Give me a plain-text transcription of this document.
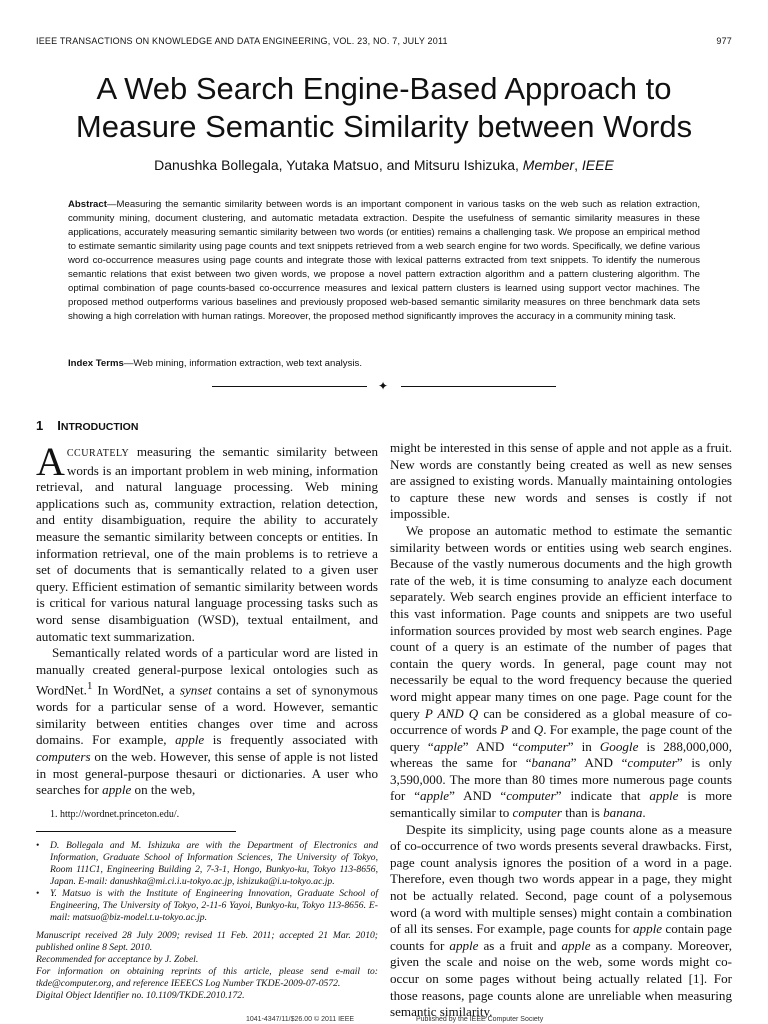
IEEE TRANSACTIONS ON KNOWLEDGE AND DATA ENGINEERING, VOL. 23, NO. 7, JULY 2011	977
A Web Search Engine-Based Approach to
Measure Semantic Similarity between Words
Danushka Bollegala, Yutaka Matsuo, and Mitsuru Ishizuka, Member, IEEE
Abstract—Measuring the semantic similarity between words is an important component in various tasks on the web such as relation extraction, community mining, document clustering, and automatic metadata extraction. Despite the usefulness of semantic similarity measures in these applications, accurately measuring semantic similarity between two words (or entities) remains a challenging task. We propose an empirical method to estimate semantic similarity using page counts and text snippets retrieved from a web search engine for two words. Specifically, we define various word co-occurrence measures using page counts and integrate those with lexical patterns extracted from text snippets. To identify the numerous semantic relations that exist between two given words, we propose a novel pattern extraction algorithm and a pattern clustering algorithm. The optimal combination of page counts-based co-occurrence measures and lexical pattern clusters is learned using support vector machines. The proposed method outperforms various baselines and previously proposed web-based semantic similarity measures on three benchmark data sets showing a high correlation with human ratings. Moreover, the proposed method significantly improves the accuracy in a community mining task.
Index Terms—Web mining, information extraction, web text analysis.
✦
1 INTRODUCTION

ACCURATELY measuring the semantic similarity between words is an important problem in web mining, information retrieval, and natural language processing. Web mining applications such as, community extraction, relation detection, and entity disambiguation, require the ability to accurately measure the semantic similarity between concepts or entities. In information retrieval, one of the main problems is to retrieve a set of documents that is semantically related to a given user query. Efficient estimation of semantic similarity between words is critical for various natural language processing tasks such as word sense disambiguation (WSD), textual entailment, and automatic text summarization.

Semantically related words of a particular word are listed in manually created general-purpose lexical ontologies such as WordNet.$^1$ In WordNet, a synset contains a set of synonymous words for a particular sense of a word. However, semantic similarity between entities changes over time and across domains. For example, apple is frequently associated with computers on the web. However, this sense of apple is not listed in most general-purpose thesauri or dictionaries. A user who searches for apple on the web,

1. http://wordnet.princeton.edu/.

• D. Bollegala and M. Ishizuka are with the Department of Electronics and Information, Graduate School of Information Sciences, The University of Tokyo, Room 111C1, Engineering Building 2, 7-3-1, Hongo, Bunkyo-ku, Tokyo 113-8656, Japan. E-mail: danushka@mi.ci.i.u-tokyo.ac.jp, ishizuka@i.u-tokyo.ac.jp.

• Y. Matsuo is with the Institute of Engineering Innovation, Graduate School of Engineering, The University of Tokyo, 2-11-6 Yayoi, Bunkyo-ku, Tokyo 113-8656. E-mail: matsuo@biz-model.t.u-tokyo.ac.jp.

Manuscript received 28 July 2009; revised 11 Feb. 2011; accepted 21 Mar. 2010; published online 8 Sept. 2010.

Recommended for acceptance by J. Zobel.

For information on obtaining reprints of this article, please send e-mail to: tkde@computer.org, and reference IEEECS Log Number TKDE-2009-07-0572.

Digital Object Identifier no. 10.1109/TKDE.2010.172.

might be interested in this sense of apple and not apple as a fruit. New words are constantly being created as well as new senses are assigned to existing words. Manually maintaining ontologies to capture these new words and senses is costly if not impossible.

We propose an automatic method to estimate the semantic similarity between words or entities using web search engines. Because of the vastly numerous documents and the high growth rate of the web, it is time consuming to analyze each document separately. Web search engines provide an efficient interface to this vast information. Page counts and snippets are two useful information sources provided by most web search engines. Page count of a query is an estimate of the number of pages that contain the query words. In general, page count may not necessarily be equal to the word frequency because the queried word might appear many times on one page. Page count for the query P AND Q can be considered as a global measure of co-occurrence of words P and Q. For example, the page count of the query “apple” AND “computer” in Google is 288,000,000, whereas the same for “banana” AND “computer” is only 3,590,000. The more than 80 times more numerous page counts for “apple” AND “computer” indicate that apple is more semantically similar to computer than is banana.

Despite its simplicity, using page counts alone as a measure of co-occurrence of two words presents several drawbacks. First, page count analysis ignores the position of a word in a page. Therefore, even though two words appear in a page, they might not be actually related. Second, page count of a polysemous word (a word with multiple senses) might contain a combination of all its senses. For example, page counts for apple contain page counts for apple as a fruit and apple as a company. Moreover, given the scale and noise on the web, some words might co-occur on some pages without being actually related [1]. For those reasons, page counts alone are unreliable when measuring semantic similarity.

1041-4347/11/$26.00 © 2011 IEEE	Published by the IEEE Computer Society
